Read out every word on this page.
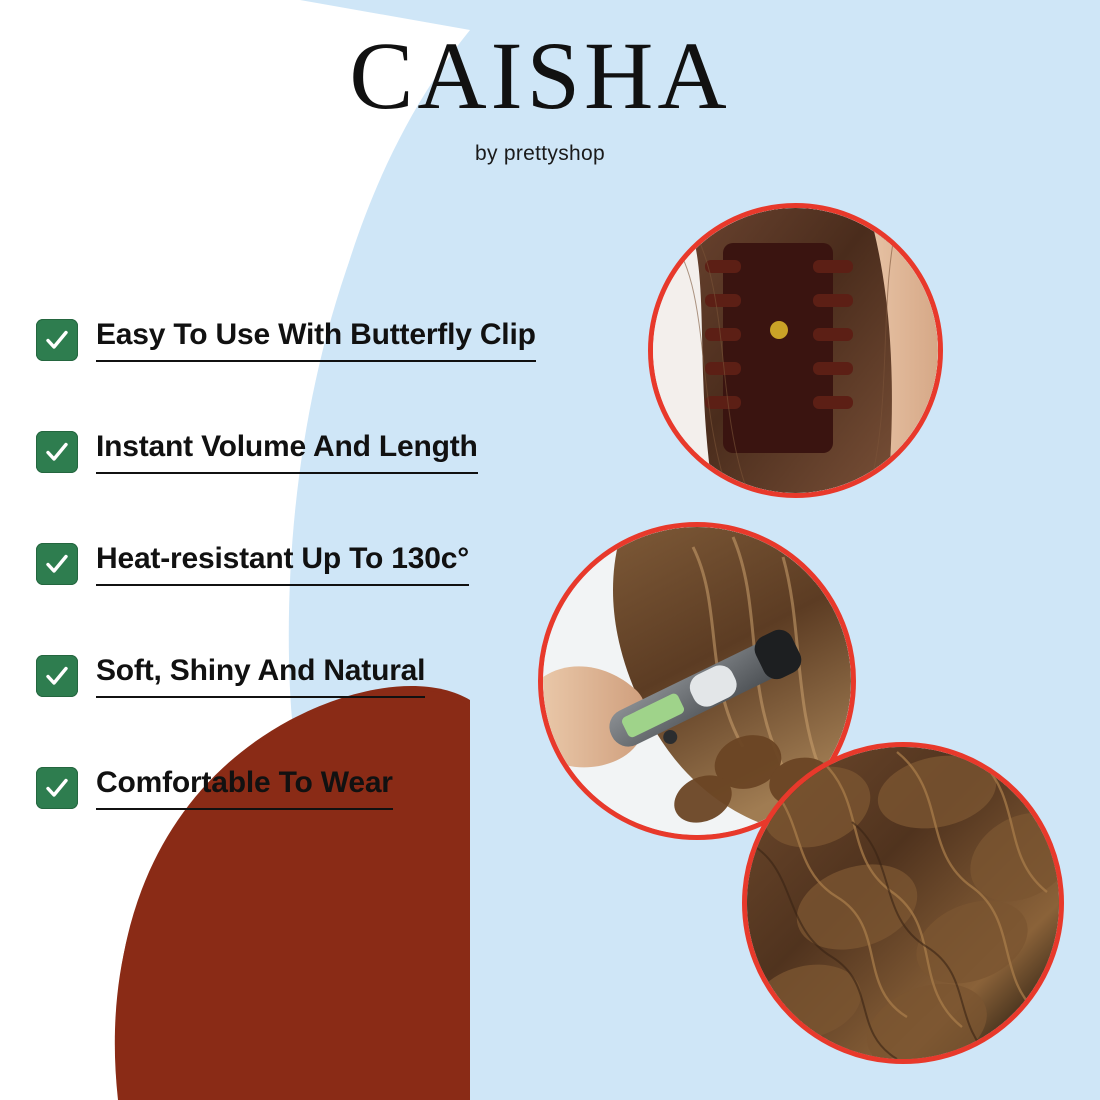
CAISHA
by prettyshop
Easy To Use With Butterfly Clip
Instant Volume And Length
Heat-resistant Up To 130c°
Soft, Shiny And Natural
Comfortable To Wear
